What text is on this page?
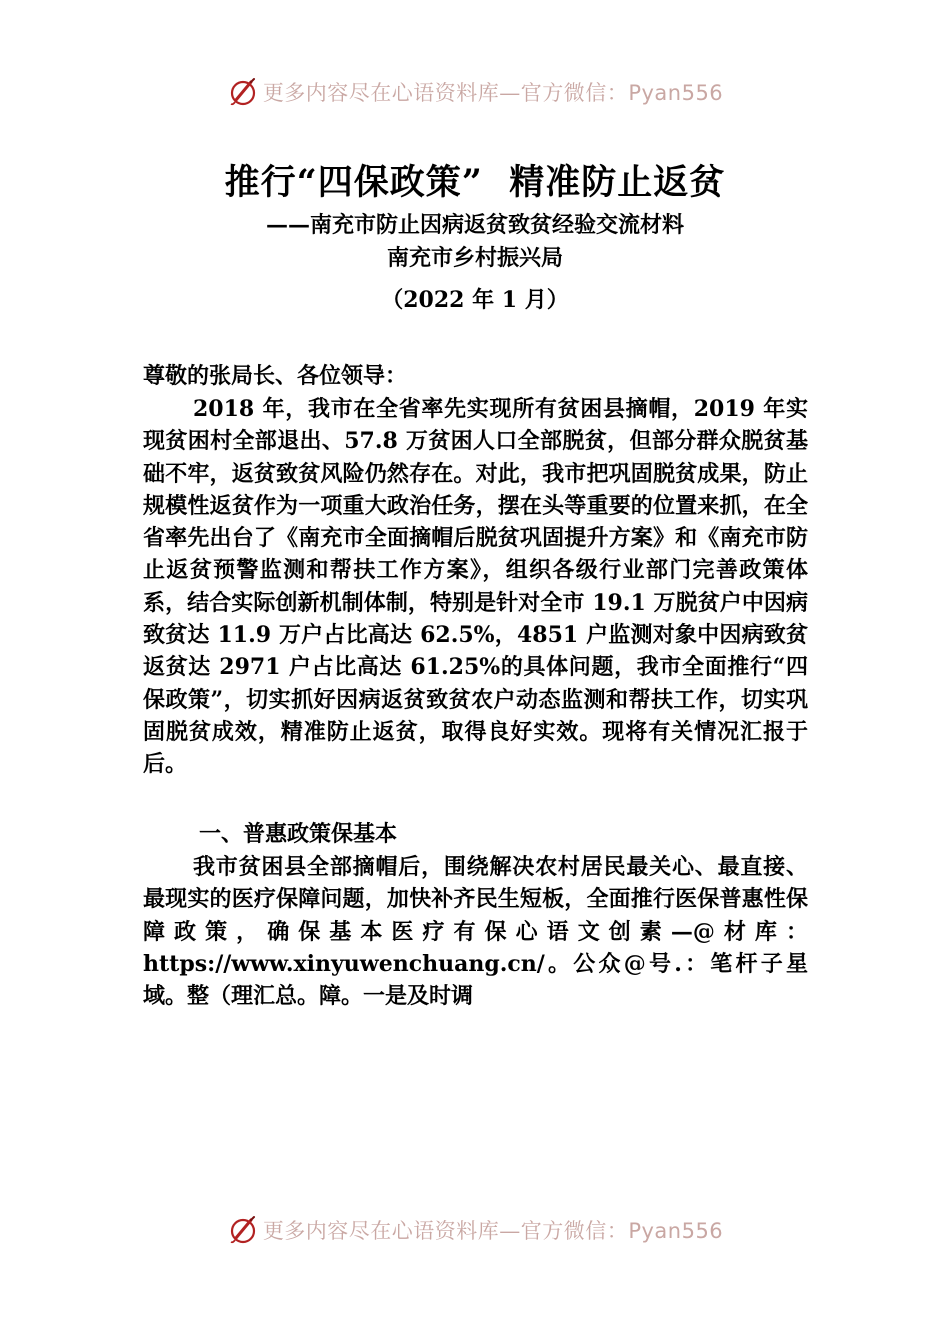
更多内容尽在心语资料库—官方微信：Pyan556
推行“四保政策”  精准防止返贫
——南充市防止因病返贫致贫经验交流材料
南充市乡村振兴局
（2022 年 1 月）
尊敬的张局长、各位领导：
2018 年，我市在全省率先实现所有贫困县摘帽，2019 年实现贫困村全部退出、57.8 万贫困人口全部脱贫，但部分群众脱贫基础不牢，返贫致贫风险仍然存在。对此，我市把巩固脱贫成果，防止规模性返贫作为一项重大政治任务，摆在头等重要的位置来抓，在全省率先出台了《南充市全面摘帽后脱贫巩固提升方案》和《南充市防止返贫预警监测和帮扶工作方案》，组织各级行业部门完善政策体系，结合实际创新机制体制，特别是针对全市 19.1 万脱贫户中因病致贫达 11.9 万户占比高达 62.5%，4851 户监测对象中因病致贫返贫达 2971 户占比高达 61.25%的具体问题，我市全面推行“四保政策”，切实抓好因病返贫致贫农户动态监测和帮扶工作，切实巩固脱贫成效，精准防止返贫，取得良好实效。现将有关情况汇报于后。
一、普惠政策保基本
我市贫困县全部摘帽后，围绕解决农村居民最关心、最直接、最现实的医疗保障问题，加快补齐民生短板，全面推行医保普惠性保障政策，确保基本医疗有保心语文创素—@材库：https://www.xinyuwenchuang.cn/。公众@号.：笔杆子星域。整（理汇总。障。一是及时调
更多内容尽在心语资料库—官方微信：Pyan556
